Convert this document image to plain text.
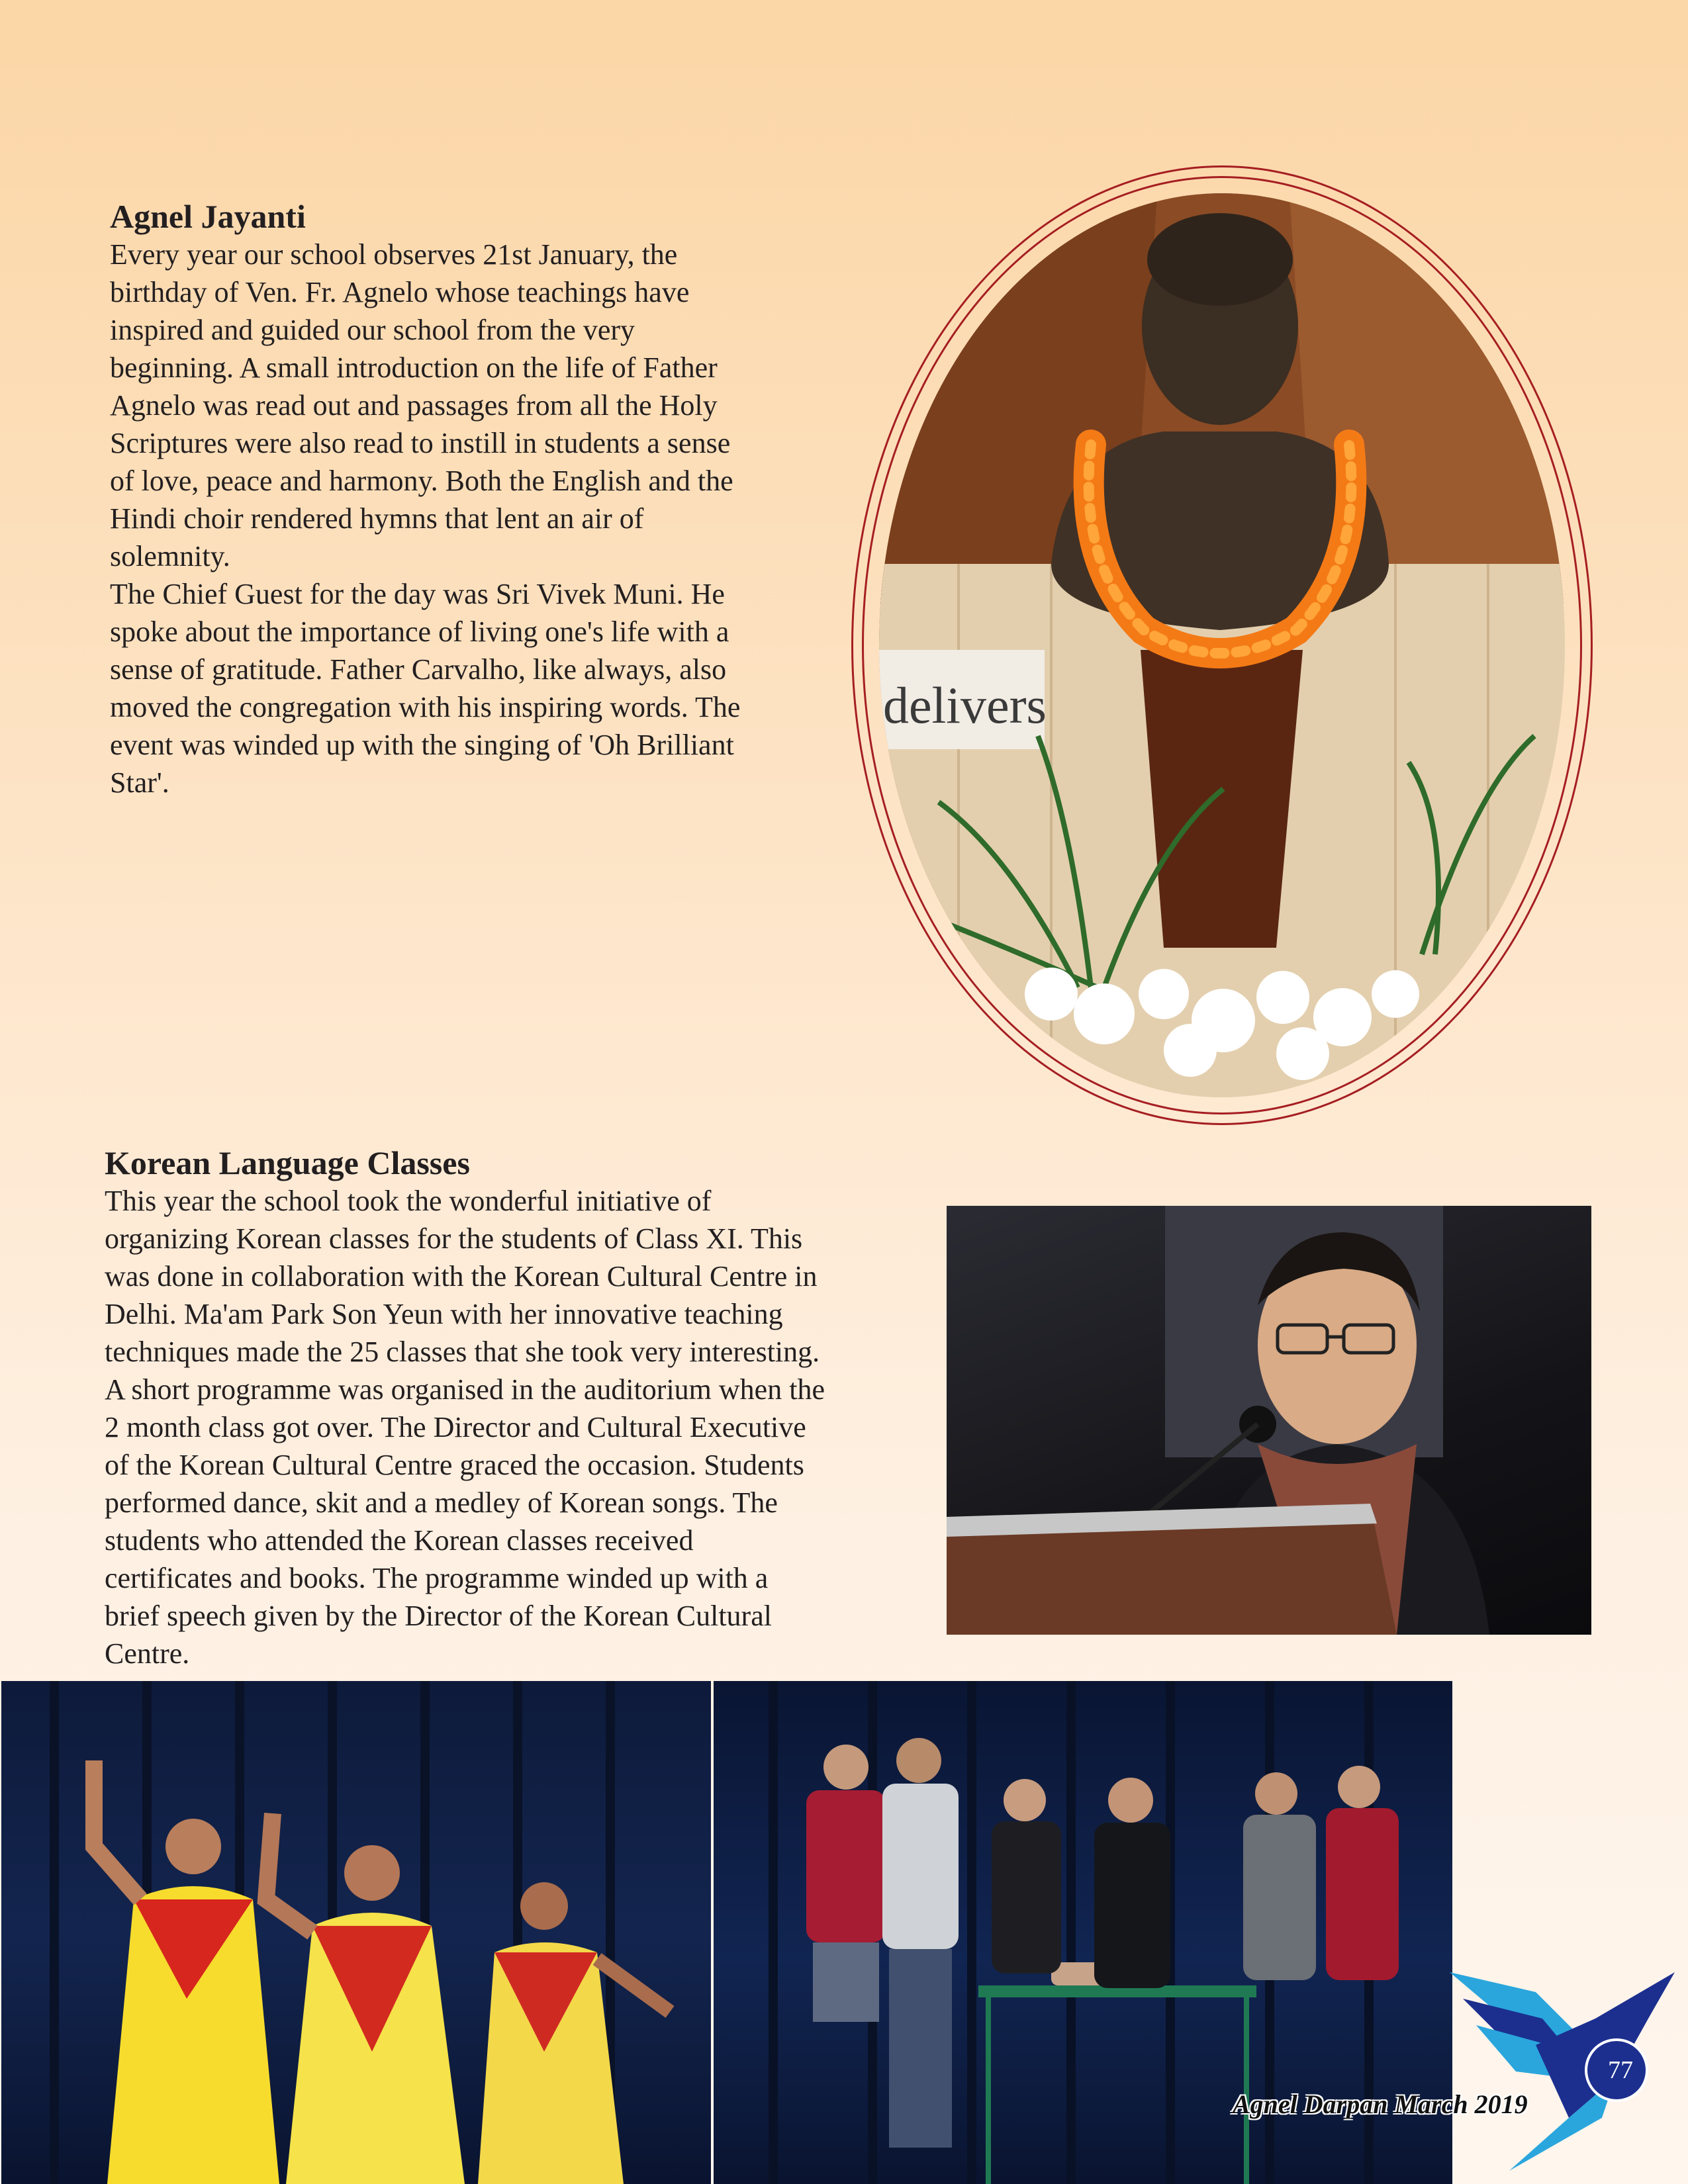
Agnel Jayanti

Every year our school observes 21st January, the
birthday of Ven. Fr. Agnelo whose teachings have
inspired and guided our school from the very
beginning. A small introduction on the life of Father
Agnelo was read out and passages from all the Holy
Scriptures were also read to instill in students a sense
of love, peace and harmony. Both the English and the
Hindi choir rendered hymns that lent an air of
solemnity.
The Chief Guest for the day was Sri Vivek Muni. He
spoke about the importance of living one's life with a
sense of gratitude. Father Carvalho, like always, also
moved the congregation with his inspiring words. The
event was winded up with the singing of 'Oh Brilliant
Star'.

delivers
Korean Language Classes

This year the school took the wonderful initiative of
organizing Korean classes for the students of Class XI. This
was done in collaboration with the Korean Cultural Centre in
Delhi. Ma'am Park Son Yeun with her innovative teaching
techniques made the 25 classes that she took very interesting.
A short programme was organised in the auditorium when the
2 month class got over. The Director and Cultural Executive
of the Korean Cultural Centre graced the occasion. Students
performed dance, skit and a medley of Korean songs. The
students who attended the Korean classes received
certificates and books. The programme winded up with a
brief speech given by the Director of the Korean Cultural
Centre.

77
Agnel Darpan March 2019
